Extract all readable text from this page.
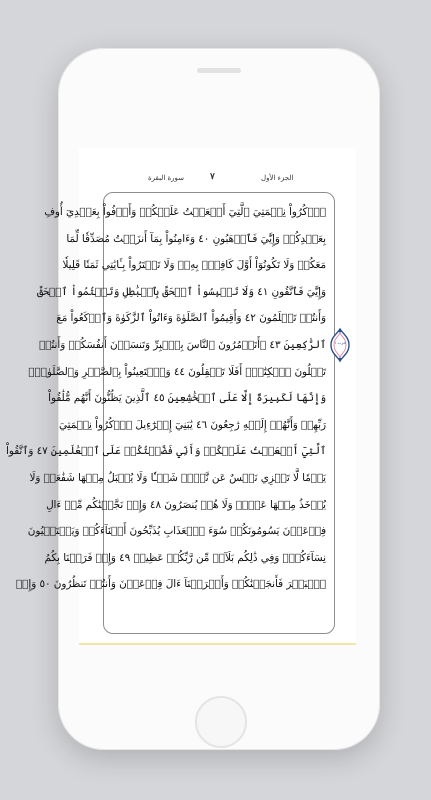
سورة البقرة	٧	الجزء الأول
ٱذۡكُرُواْ نِعۡمَتِيَ ٱلَّتِيٓ أَنۡعَمۡتُ عَلَيۡكُمۡ وَأَوۡفُواْ بِعَهۡدِيٓ أُوفِ
بِعَهۡدِكُمۡ وَإِيَّٰيَ فَٱرۡهَبُونِ ٤٠ وَءَامِنُواْ بِمَآ أَنزَلۡتُ مُصَدِّقٗا لِّمَا
مَعَكُمۡ وَلَا تَكُونُوٓاْ أَوَّلَ كَافِرِۭ بِهِۦۖ وَلَا تَشۡتَرُواْ بِـَٔايَٰتِي ثَمَنٗا قَلِيلٗا
وَإِيَّٰيَ فَٱتَّقُونِ ٤١ وَلَا تَلۡبِسُواْ ٱلۡحَقَّ بِٱلۡبَٰطِلِ وَتَكۡتُمُواْ ٱلۡحَقَّ
وَأَنتُمۡ تَعۡلَمُونَ ٤٢ وَأَقِيمُواْ ٱلصَّلَوٰةَ وَءَاتُواْ ٱلزَّكَوٰةَ وَٱرۡكَعُواْ مَعَ
ٱلرَّٰكِعِينَ ٤٣ ۞أَتَأۡمُرُونَ ٱلنَّاسَ بِٱلۡبِرِّ وَتَنسَوۡنَ أَنفُسَكُمۡ وَأَنتُمۡ
تَتۡلُونَ ٱلۡكِتَٰبَۚ أَفَلَا تَعۡقِلُونَ ٤٤ وَٱسۡتَعِينُواْ بِٱلصَّبۡرِ وَٱلصَّلَوٰةِۚ
وَإِنَّهَا لَكَبِيرَةٌ إِلَّا عَلَى ٱلۡخَٰشِعِينَ ٤٥ ٱلَّذِينَ يَظُنُّونَ أَنَّهُم مُّلَٰقُواْ
رَبِّهِمۡ وَأَنَّهُمۡ إِلَيۡهِ رَٰجِعُونَ ٤٦ يَٰبَنِيٓ إِسۡرَٰٓءِيلَ ٱذۡكُرُواْ نِعۡمَتِيَ
ٱلَّتِيٓ أَنۡعَمۡتُ عَلَيۡكُمۡ وَأَنِّي فَضَّلۡتُكُمۡ عَلَى ٱلۡعَٰلَمِينَ ٤٧ وَٱتَّقُواْ
يَوۡمٗا لَّا تَجۡزِي نَفۡسٌ عَن نَّفۡسٖ شَيۡـٔٗا وَلَا يُقۡبَلُ مِنۡهَا شَفَٰعَةٞ وَلَا
يُؤۡخَذُ مِنۡهَا عَدۡلٞ وَلَا هُمۡ يُنصَرُونَ ٤٨ وَإِذۡ نَجَّيۡنَٰكُم مِّنۡ ءَالِ
فِرۡعَوۡنَ يَسُومُونَكُمۡ سُوٓءَ ٱلۡعَذَابِ يُذَبِّحُونَ أَبۡنَآءَكُمۡ وَيَسۡتَحۡيُونَ
نِسَآءَكُمۡۚ وَفِي ذَٰلِكُم بَلَآءٞ مِّن رَّبِّكُمۡ عَظِيمٞ ٤٩ وَإِذۡ فَرَقۡنَا بِكُمُ
ٱلۡبَحۡرَ فَأَنجَيۡنَٰكُمۡ وَأَغۡرَقۡنَآ ءَالَ فِرۡعَوۡنَ وَأَنتُمۡ تَنظُرُونَ ٥٠ وَإِذۡ
حزب ١
